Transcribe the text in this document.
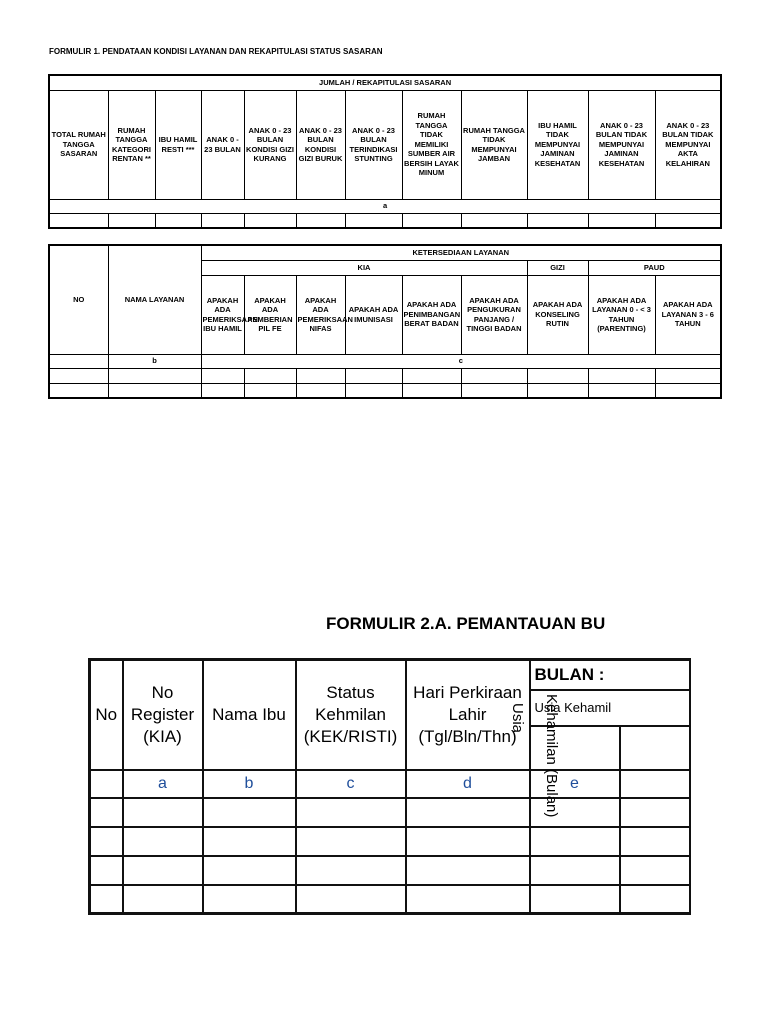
FORMULIR 1. PENDATAAN KONDISI LAYANAN DAN REKAPITULASI STATUS SASARAN
JUMLAH / REKAPITULASI SASARAN											
TOTAL RUMAH TANGGA SASARAN	RUMAH TANGGA KATEGORI RENTAN **	IBU HAMIL RESTI ***	ANAK 0 - 23 BULAN	ANAK 0 - 23 BULAN KONDISI GIZI KURANG	ANAK 0 - 23 BULAN KONDISI GIZI BURUK	ANAK 0 - 23 BULAN TERINDIKASI STUNTING	RUMAH TANGGA TIDAK MEMILIKI SUMBER AIR BERSIH LAYAK MINUM	RUMAH TANGGA TIDAK MEMPUNYAI JAMBAN	IBU HAMIL TIDAK MEMPUNYAI JAMINAN KESEHATAN	ANAK 0 - 23 BULAN TIDAK MEMPUNYAI JAMINAN KESEHATAN	ANAK 0 - 23 BULAN TIDAK MEMPUNYAI AKTA KELAHIRAN
a											

NO	NAMA LAYANAN	KETERSEDIAAN LAYANAN								
		KIA						GIZI	PAUD	
		APAKAH ADA PEMERIKSAAN IBU HAMIL	APAKAH ADA PEMBERIAN PIL FE	APAKAH ADA PEMERIKSAAN NIFAS	APAKAH ADA IMUNISASI	APAKAH ADA PENIMBANGAN BERAT BADAN	APAKAH ADA PENGUKURAN PANJANG / TINGGI BADAN	APAKAH ADA KONSELING RUTIN	APAKAH ADA LAYANAN 0 - < 3 TAHUN (PARENTING)	APAKAH ADA LAYANAN 3 - 6 TAHUN
	b	c								

FORMULIR 2.A. PEMANTAUAN BU
No	No Register (KIA)	Nama Ibu	Status Kehmilan (KEK/RISTI)	Hari Perkiraan Lahir (Tgl/Bln/Thn)
Usia	BULAN :	
					Usia Kehamil	

					Kehamilan (Bulan)	

	a	b	c	d	e	
